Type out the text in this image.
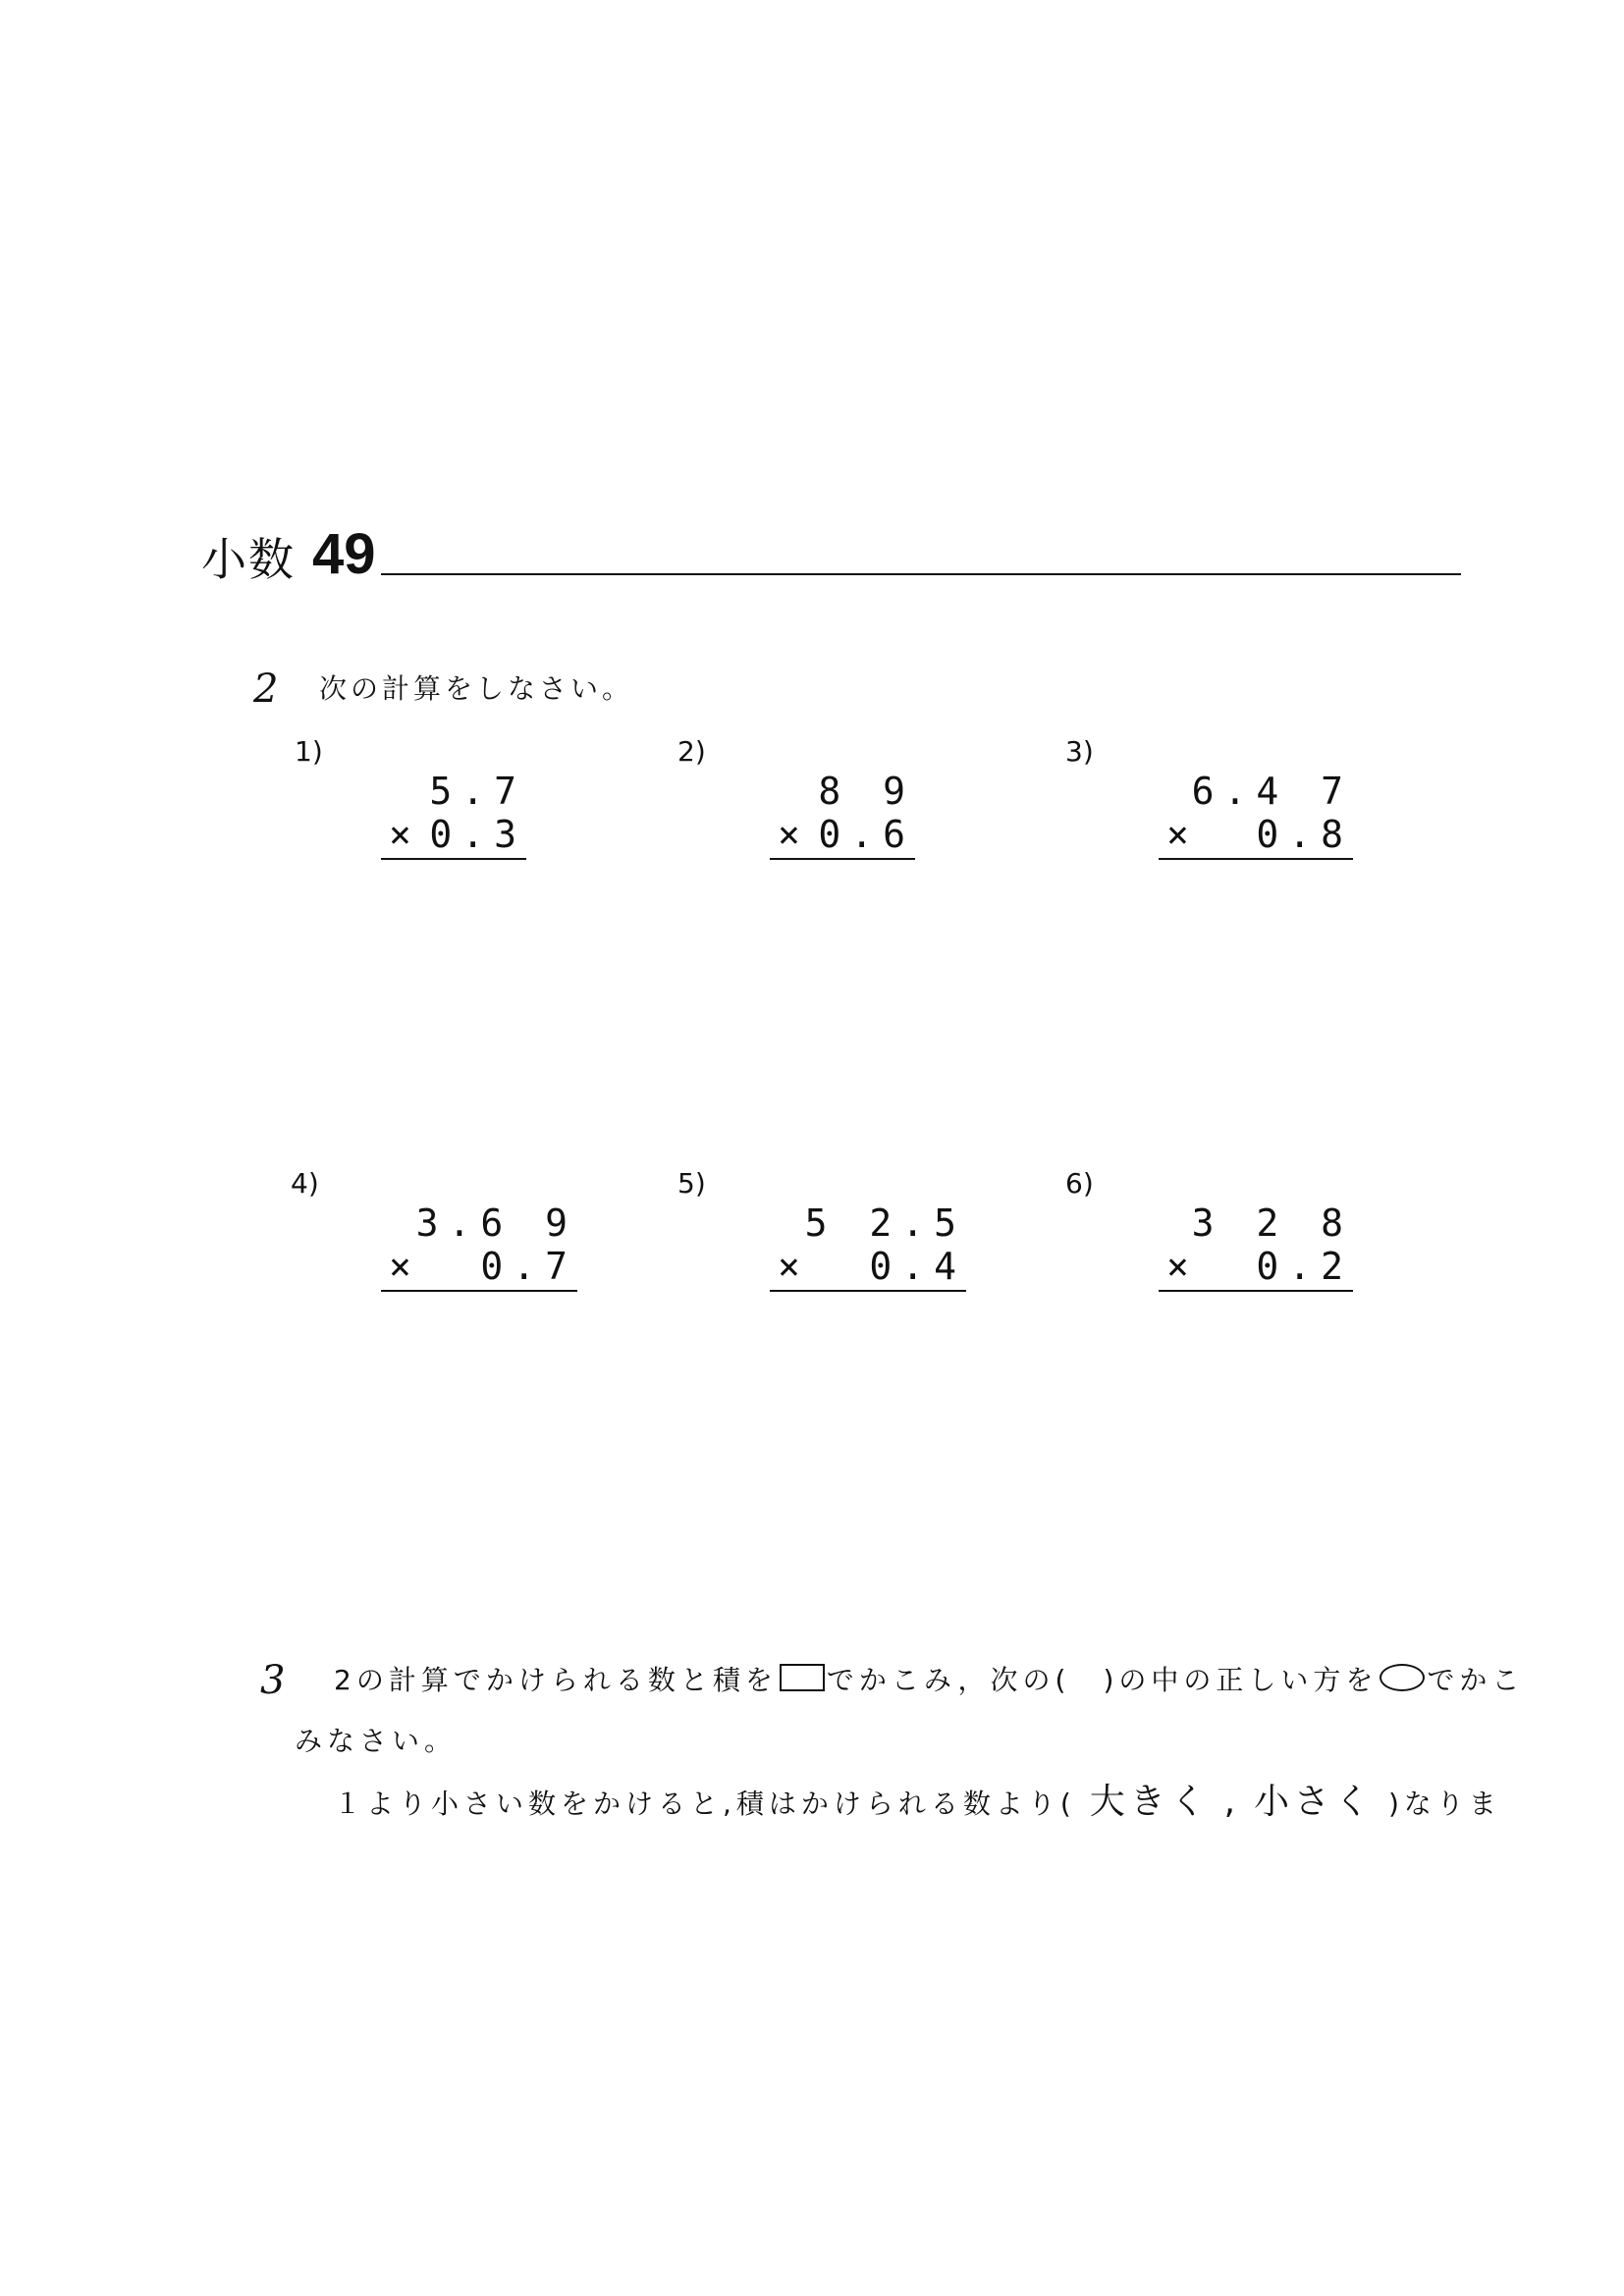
小数 49
2 次の計算をしなさい。
1)
5.7
× 0.3
2)
8 9
× 0.6
3)
6.4 7
× 0.8
4)
3.6 9
× 0.7
5)
5 2.5
× 0.4
6)
3 2 8
× 0.2
3 2の計算でかけられる数と積を でかこみ，次の(　)の中の正しい方を でかこ
みなさい。
１より小さい数をかけると,積はかけられる数より( 大きく , 小さく )なりま
